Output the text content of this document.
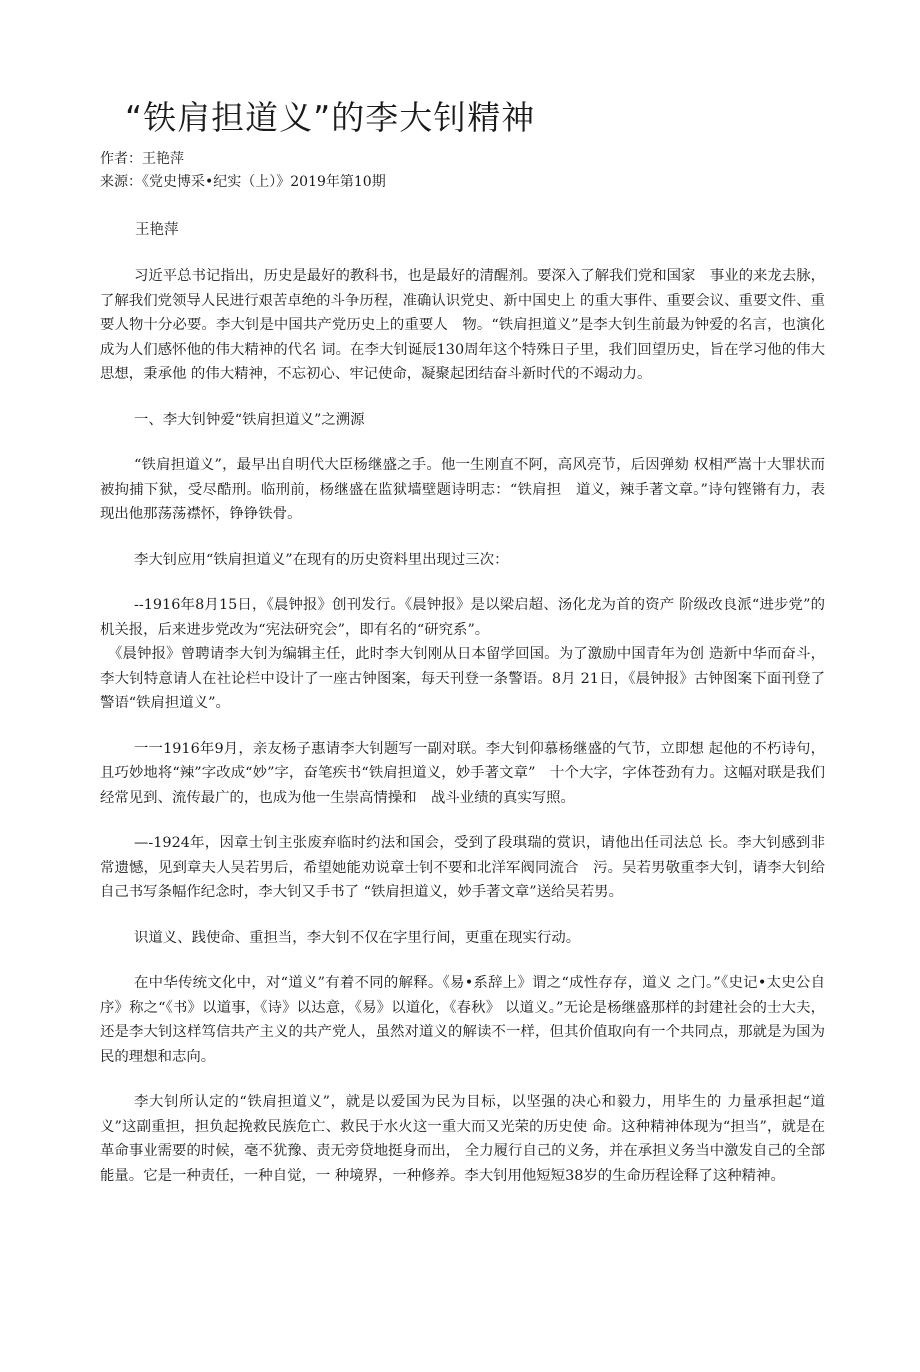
“铁肩担道义”的李大钊精神
作者：王艳萍
来源：《党史博采•纪实（上）》2019年第10期
王艳萍

习近平总书记指出，历史是最好的教科书，也是最好的清醒剂。要深入了解我们党和国家　事业的来龙去脉，了解我们党领导人民进行艰苦卓绝的斗争历程，准确认识党史、新中国史上 的重大事件、重要会议、重要文件、重要人物十分必要。李大钊是中国共产党历史上的重要人　物。“铁肩担道义”是李大钊生前最为钟爱的名言，也演化成为人们感怀他的伟大精神的代名 词。在李大钊诞辰130周年这个特殊日子里，我们回望历史，旨在学习他的伟大思想，秉承他 的伟大精神，不忘初心、牢记使命，凝聚起团结奋斗新时代的不竭动力。

一、李大钊钟爱“铁肩担道义”之溯源

“铁肩担道义”，最早出自明代大臣杨继盛之手。他一生刚直不阿，高风亮节，后因弹劾 权相严嵩十大罪状而被拘捕下狱，受尽酷刑。临刑前，杨继盛在监狱墙壁题诗明志：“铁肩担　道义，辣手著文章。”诗句铿锵有力，表现出他那荡荡襟怀，铮铮铁骨。

李大钊应用“铁肩担道义”在现有的历史资料里出现过三次：

--1916年8月15日，《晨钟报》创刊发行。《晨钟报》是以梁启超、汤化龙为首的资产 阶级改良派“进步党”的机关报，后来进步党改为“宪法研究会”，即有名的“研究系”。

《晨钟报》曾聘请李大钊为编辑主任，此时李大钊刚从日本留学回国。为了激励中国青年为创 造新中华而奋斗，李大钊特意请人在社论栏中设计了一座古钟图案，每天刊登一条警语。8月 21日，《晨钟报》古钟图案下面刊登了警语“铁肩担道义”。

一一1916年9月，亲友杨子惠请李大钊题写一副对联。李大钊仰慕杨继盛的气节，立即想 起他的不朽诗句，且巧妙地将“辣”字改成“妙”字，奋笔疾书“铁肩担道义，妙手著文章”　十个大字，字体苍劲有力。这幅对联是我们经常见到、流传最广的，也成为他一生崇高情操和　战斗业绩的真实写照。

—-1924年，因章士钊主张废弃临时约法和国会，受到了段琪瑞的赏识，请他出任司法总 长。李大钊感到非常遗憾，见到章夫人吴若男后，希望她能劝说章士钊不要和北洋军阀同流合　污。吴若男敬重李大钊，请李大钊给自己书写条幅作纪念时，李大钊又手书了 “铁肩担道义，妙手著文章”送给吴若男。

识道义、践使命、重担当，李大钊不仅在字里行间，更重在现实行动。

在中华传统文化中，对“道义”有着不同的解释。《易•系辞上》谓之“成性存存，道义 之门。”《史记•太史公自序》称之“《书》以道事，《诗》以达意，《易》以道化，《春秋》 以道义。”无论是杨继盛那样的封建社会的士大夫，还是李大钊这样笃信共产主义的共产党人，虽然对道义的解读不一样，但其价值取向有一个共同点，那就是为国为民的理想和志向。

李大钊所认定的“铁肩担道义”，就是以爱国为民为目标，以坚强的决心和毅力，用毕生的 力量承担起“道义”这副重担，担负起挽救民族危亡、救民于水火这一重大而又光荣的历史使 命。这种精神体现为“担当”，就是在革命事业需要的时候，毫不犹豫、责无旁贷地挺身而出， 全力履行自己的义务，并在承担义务当中激发自己的全部能量。它是一种责任，一种自觉，一 种境界，一种修养。李大钊用他短短38岁的生命历程诠释了这种精神。
